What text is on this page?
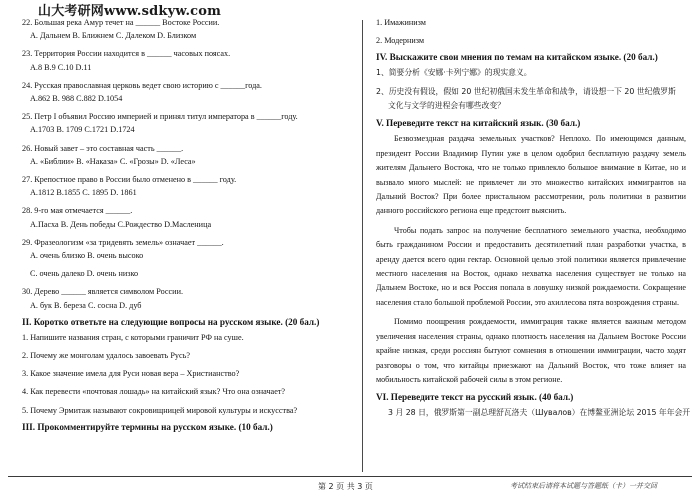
山大考研网www.sdkyw.com
22. Большая река Амур течет на ______ Востоке России.
А. Дальнем В. Ближнем С. Далеком D. Близком
23. Территория России находится в ______ часовых поясах.
А.8 В.9 С.10 D.11
24. Русская православная церковь ведет свою историю с ______года.
А.862 В. 988 С.882 D.1054
25. Петр I объявил Россию империей и принял титул императора в ______году.
А.1703 В. 1709 С.1721 D.1724
26. Новый завет – это составная часть ______.
А. «Библии» В. «Наказа» С. «Грозы» D. «Леса»
27. Крепостное право в России было отменено в ______ году.
А.1812 В.1855 С. 1895 D. 1861
28. 9-го мая отмечается ______.
А.Пасха В. День победы С.Рождество D.Масленица
29. Фразеологизм «за тридевять земель» означает ______.
А. очень близко В. очень высоко
С. очень далеко D. очень низко
30. Дерево ______ является символом России.
А. бук В. береза С. сосна D. дуб
II. Коротко ответьте на следующие вопросы на русском языке. (20 бал.)
1. Напишите названия стран, с которыми граничит РФ на суше.
2. Почему же монголам удалось завоевать Русь?
3. Какое значение имела для Руси новая вера – Христианство?
4. Как перевести «почтовая лошадь» на китайский язык? Что она означает?
5. Почему Эрмитаж называют сокровищницей мировой культуры и искусства?
III. Прокомментируйте термины на русском языке. (10 бал.)
1. Имажинизм
2. Модернизм
IV. Выскажите свои мнения по темам на китайском языке. (20 бал.)
1、简要分析《安娜·卡列宁娜》的现实意义。
2、历史没有假设，假如 20 世纪初俄国未发生革命和战争，请设想一下 20 世纪俄罗斯
文化与文学的进程会有哪些改变？
V. Переведите текст на китайский язык. (30 бал.)
Безвозмездная раздача земельных участков? Неплохо. По имеющимся данным, президент России Владимир Путин уже в целом одобрил бесплатную раздачу земель жителям Дальнего Востока, что не только привлекло большое внимание в Китае, но и вызвало много мыслей: не привлечет ли это множество китайских иммигрантов на Дальний Восток? При более пристальном рассмотрении, роль политики в развитии данного российского региона еще предстоит выяснить.
Чтобы подать запрос на получение бесплатного земельного участка, необходимо быть гражданином России и предоставить десятилетний план разработки участка, в аренду дается всего один гектар. Основной целью этой политики является привлечение местного населения на Восток, однако нехватка населения существует не только на Дальнем Востоке, но и вся Россия попала в ловушку низкой рождаемости. Сокращение населения стало большой проблемой России, это ахиллесова пята возрождения страны.
Помимо поощрения рождаемости, иммиграция также является важным методом увеличения населения страны, однако плотность населения на Дальнем Востоке России крайне низкая, среди россиян бытуют сомнения в отношении иммиграции, часто ходят разговоры о том, что китайцы приезжают на Дальний Восток, что тоже влияет на мобильность китайской рабочей силы в этом регионе.
VI. Переведите текст на русский язык. (40 бал.)
3 月 28 日，俄罗斯第一副总理舒瓦洛夫（Шувалов）在博鳌亚洲论坛 2015 年年会开
第 2 页 共 3 页	考试结束后请将本试题与答题纸（卡）一并交回
